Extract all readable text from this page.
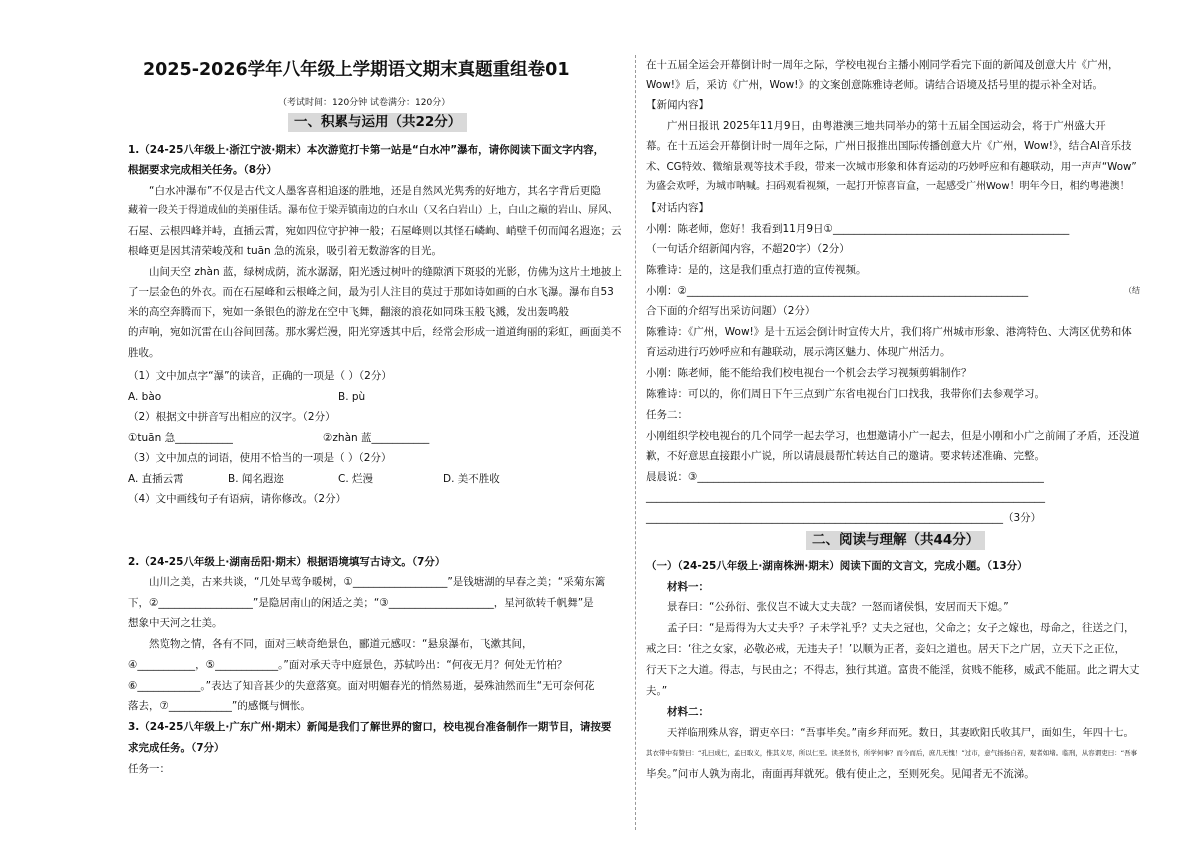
2025-2026学年八年级上学期语文期末真题重组卷01
（考试时间：120分钟 试卷满分：120分）
一、积累与运用（共22分）
1.（24-25八年级上·浙江宁波·期末）本次游览打卡第一站是“白水冲”瀑布，请你阅读下面文字内容，
根据要求完成相关任务。（8分）
“白水冲瀑布”不仅是古代文人墨客喜相追逐的胜地，还是自然风光隽秀的好地方，其名字背后更隐
藏着一段关于得道成仙的美丽佳话。瀑布位于梁弄镇南边的白水山（又名白岩山）上，白山之巅的岩山、屏风、
石屋、云根四峰并峙，直插云霄，宛如四位守护神一般；石屋峰则以其怪石嶙峋、峭壁千仞而闻名遐迩；云
根峰更是因其清荣峻茂和 tuān 急的流泉，吸引着无数游客的目光。
山间天空 zhàn 蓝，绿树成荫，流水潺潺，阳光透过树叶的缝隙洒下斑驳的光影，仿佛为这片土地披上
了一层金色的外衣。而在石屋峰和云根峰之间，最为引人注目的莫过于那如诗如画的白水飞瀑。瀑布自53
米的高空奔腾而下，宛如一条银色的游龙在空中飞舞，翻滚的浪花如同珠玉般飞溅，发出轰鸣般
的声响，宛如沉雷在山谷间回荡。那水雾烂漫，阳光穿透其中后，经常会形成一道道绚丽的彩虹，画面美不
胜收。
（1）文中加点字“瀑”的读音，正确的一项是（ ）（2分）
A. bào	B. pù
（2）根据文中拼音写出相应的汉字。（2分）
①tuān 急___________	②zhàn 蓝___________
（3）文中加点的词语，使用不恰当的一项是（ ）（2分）
A. 直插云霄	B. 闻名遐迩	C. 烂漫	D. 美不胜收
（4）文中画线句子有语病，请你修改。（2分）
2.（24-25八年级上·湖南岳阳·期末）根据语境填写古诗文。（7分）
山川之美，古来共谈，“几处早莺争暖树，①__________________”是钱塘湖的早春之美；“采菊东篱
下，②__________________”是隐居南山的闲适之美；“③____________________，星河欲转千帆舞”是
想象中天河之壮美。
然览物之情，各有不同，面对三峡奇绝景色，郦道元感叹：“悬泉瀑布，飞漱其间，
④___________，⑤____________。”面对承天寺中庭景色，苏轼吟出：“何夜无月？何处无竹柏？
⑥____________。”表达了知音甚少的失意落寞。面对明媚春光的悄然易逝，晏殊油然而生“无可奈何花
落去，⑦____________”的感慨与惆怅。
3.（24-25八年级上·广东广州·期末）新闻是我们了解世界的窗口，校电视台准备制作一期节目，请按要
求完成任务。（7分）
任务一：
在十五届全运会开幕倒计时一周年之际，学校电视台主播小刚同学看完下面的新闻及创意大片《广州，
Wow!》后，采访《广州，Wow!》的文案创意陈雅诗老师。请结合语境及括号里的提示补全对话。
【新闻内容】
广州日报讯 2025年11月9日，由粤港澳三地共同举办的第十五届全国运动会，将于广州盛大开
幕。在十五运会开幕倒计时一周年之际，广州日报推出国际传播创意大片《广州，Wow!》，结合AI音乐技
术、CG特效、微缩景观等技术手段，带来一次城市形象和体育运动的巧妙呼应和有趣联动，用一声声“Wow”
为盛会欢呼，为城市呐喊。扫码观看视频，一起打开惊喜盲盒，一起感受广州Wow！明年今日，相约粤港澳！
【对话内容】
小刚：陈老师，您好！我看到11月9日①_____________________________________________
（一句话介绍新闻内容，不超20字）（2分）
陈雅诗：是的，这是我们重点打造的宣传视频。
小刚：②_________________________________________________________________	（结
合下面的介绍写出采访问题）（2分）
陈雅诗：《广州，Wow!》是十五运会倒计时宣传大片，我们将广州城市形象、港湾特色、大湾区优势和体
育运动进行巧妙呼应和有趣联动，展示湾区魅力、体现广州活力。
小刚：陈老师，能不能给我们校电视台一个机会去学习视频剪辑制作？
陈雅诗：可以的，你们周日下午三点到广东省电视台门口找我，我带你们去参观学习。
任务二：
小刚组织学校电视台的几个同学一起去学习，也想邀请小广一起去，但是小刚和小广之前闹了矛盾，还没道
歉，不好意思直接跟小广说，所以请晨晨帮忙转达自己的邀请。要求转述准确、完整。
晨晨说：③__________________________________________________________________
____________________________________________________________________________
____________________________________________________________________（3分）
二、阅读与理解（共44分）
（一）（24-25八年级上·湖南株洲·期末）阅读下面的文言文，完成小题。（13分）
材料一：
景春曰：“公孙衍、张仪岂不诚大丈夫哉？一怒而诸侯惧，安居而天下熄。”
孟子曰：“是焉得为大丈夫乎？子未学礼乎？丈夫之冠也，父命之；女子之嫁也，母命之，往送之门，
戒之曰：‘往之女家，必敬必戒，无违夫子！’以顺为正者，妾妇之道也。居天下之广居，立天下之正位，
行天下之大道。得志，与民由之；不得志，独行其道。富贵不能淫，贫贱不能移，威武不能屈。此之谓大丈
夫。”
材料二：
天祥临刑殊从容，谓吏卒曰：“吾事毕矣。”南乡拜而死。数日，其妻欧阳氏收其尸，面如生，年四十七。
其衣带中有赞曰：“孔曰成仁，孟曰取义，惟其义尽，所以仁至。读圣贤书，所学何事？而今而后，庶几无愧！”过市，意气扬扬自若，观者如堵。临刑，从容谓吏曰：“吾事
毕矣。”问市人孰为南北，南面再拜就死。俄有使止之，至则死矣。见闻者无不流涕。
